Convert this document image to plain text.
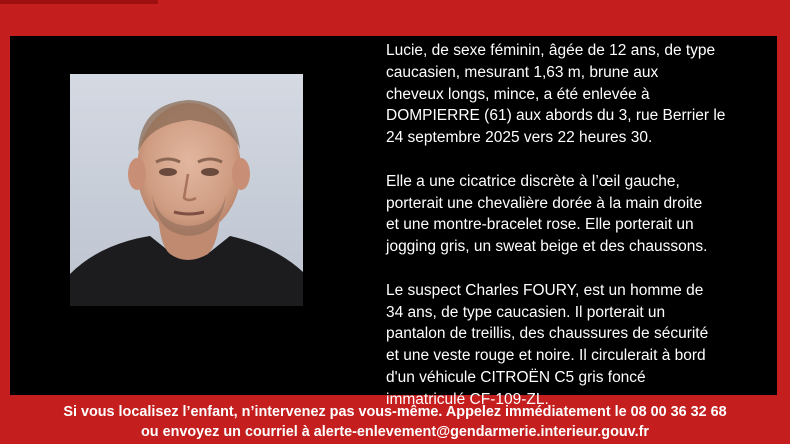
Lucie, de sexe féminin, âgée de 12 ans, de type
caucasien, mesurant 1,63 m, brune aux
cheveux longs, mince, a été enlevée à
DOMPIERRE (61) aux abords du 3, rue Berrier le
24 septembre 2025 vers 22 heures 30.

Elle a une cicatrice discrète à l’œil gauche,
porterait une chevalière dorée à la main droite
et une montre-bracelet rose. Elle porterait un
jogging gris, un sweat beige et des chaussons.

Le suspect Charles FOURY, est un homme de
34 ans, de type caucasien. Il porterait un
pantalon de treillis, des chaussures de sécurité
et une veste rouge et noire. Il circulerait à bord
d'un véhicule CITROËN C5 gris foncé
immatriculé CF-109-ZL.

Si vous localisez l’enfant, n’intervenez pas vous-même. Appelez immédiatement le 08 00 36 32 68
ou envoyez un courriel à alerte-enlevement@gendarmerie.interieur.gouv.fr
